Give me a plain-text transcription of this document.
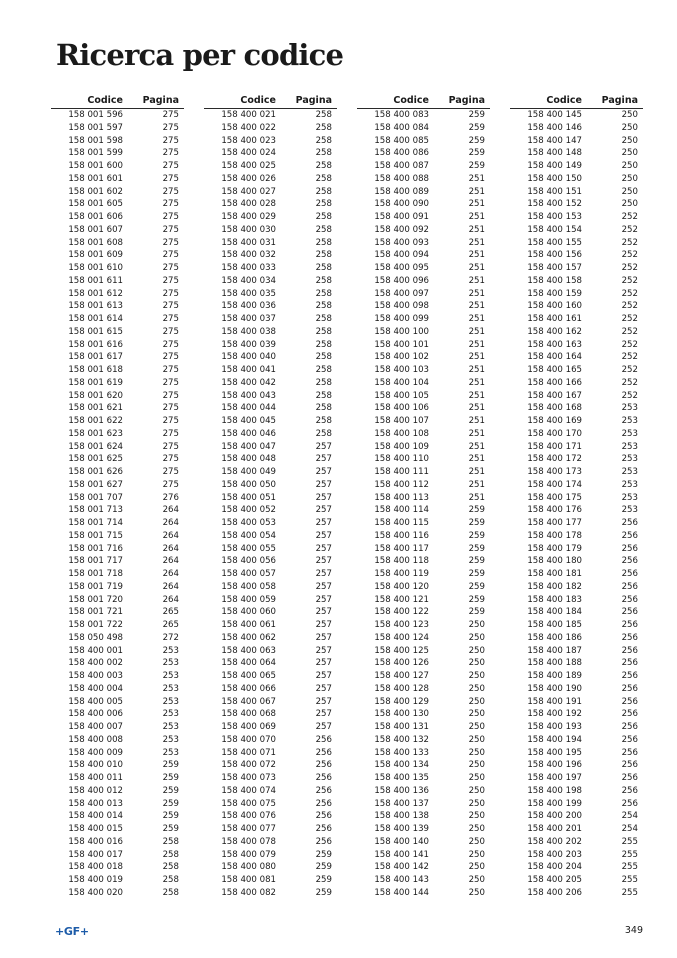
Ricerca per codice
Codice	Pagina
158 001 596	275
158 001 597	275
158 001 598	275
158 001 599	275
158 001 600	275
158 001 601	275
158 001 602	275
158 001 605	275
158 001 606	275
158 001 607	275
158 001 608	275
158 001 609	275
158 001 610	275
158 001 611	275
158 001 612	275
158 001 613	275
158 001 614	275
158 001 615	275
158 001 616	275
158 001 617	275
158 001 618	275
158 001 619	275
158 001 620	275
158 001 621	275
158 001 622	275
158 001 623	275
158 001 624	275
158 001 625	275
158 001 626	275
158 001 627	275
158 001 707	276
158 001 713	264
158 001 714	264
158 001 715	264
158 001 716	264
158 001 717	264
158 001 718	264
158 001 719	264
158 001 720	264
158 001 721	265
158 001 722	265
158 050 498	272
158 400 001	253
158 400 002	253
158 400 003	253
158 400 004	253
158 400 005	253
158 400 006	253
158 400 007	253
158 400 008	253
158 400 009	253
158 400 010	259
158 400 011	259
158 400 012	259
158 400 013	259
158 400 014	259
158 400 015	259
158 400 016	258
158 400 017	258
158 400 018	258
158 400 019	258
158 400 020	258
Codice	Pagina
158 400 021	258
158 400 022	258
158 400 023	258
158 400 024	258
158 400 025	258
158 400 026	258
158 400 027	258
158 400 028	258
158 400 029	258
158 400 030	258
158 400 031	258
158 400 032	258
158 400 033	258
158 400 034	258
158 400 035	258
158 400 036	258
158 400 037	258
158 400 038	258
158 400 039	258
158 400 040	258
158 400 041	258
158 400 042	258
158 400 043	258
158 400 044	258
158 400 045	258
158 400 046	258
158 400 047	257
158 400 048	257
158 400 049	257
158 400 050	257
158 400 051	257
158 400 052	257
158 400 053	257
158 400 054	257
158 400 055	257
158 400 056	257
158 400 057	257
158 400 058	257
158 400 059	257
158 400 060	257
158 400 061	257
158 400 062	257
158 400 063	257
158 400 064	257
158 400 065	257
158 400 066	257
158 400 067	257
158 400 068	257
158 400 069	257
158 400 070	256
158 400 071	256
158 400 072	256
158 400 073	256
158 400 074	256
158 400 075	256
158 400 076	256
158 400 077	256
158 400 078	256
158 400 079	259
158 400 080	259
158 400 081	259
158 400 082	259
Codice	Pagina
158 400 083	259
158 400 084	259
158 400 085	259
158 400 086	259
158 400 087	259
158 400 088	251
158 400 089	251
158 400 090	251
158 400 091	251
158 400 092	251
158 400 093	251
158 400 094	251
158 400 095	251
158 400 096	251
158 400 097	251
158 400 098	251
158 400 099	251
158 400 100	251
158 400 101	251
158 400 102	251
158 400 103	251
158 400 104	251
158 400 105	251
158 400 106	251
158 400 107	251
158 400 108	251
158 400 109	251
158 400 110	251
158 400 111	251
158 400 112	251
158 400 113	251
158 400 114	259
158 400 115	259
158 400 116	259
158 400 117	259
158 400 118	259
158 400 119	259
158 400 120	259
158 400 121	259
158 400 122	259
158 400 123	250
158 400 124	250
158 400 125	250
158 400 126	250
158 400 127	250
158 400 128	250
158 400 129	250
158 400 130	250
158 400 131	250
158 400 132	250
158 400 133	250
158 400 134	250
158 400 135	250
158 400 136	250
158 400 137	250
158 400 138	250
158 400 139	250
158 400 140	250
158 400 141	250
158 400 142	250
158 400 143	250
158 400 144	250
Codice	Pagina
158 400 145	250
158 400 146	250
158 400 147	250
158 400 148	250
158 400 149	250
158 400 150	250
158 400 151	250
158 400 152	250
158 400 153	252
158 400 154	252
158 400 155	252
158 400 156	252
158 400 157	252
158 400 158	252
158 400 159	252
158 400 160	252
158 400 161	252
158 400 162	252
158 400 163	252
158 400 164	252
158 400 165	252
158 400 166	252
158 400 167	252
158 400 168	253
158 400 169	253
158 400 170	253
158 400 171	253
158 400 172	253
158 400 173	253
158 400 174	253
158 400 175	253
158 400 176	253
158 400 177	256
158 400 178	256
158 400 179	256
158 400 180	256
158 400 181	256
158 400 182	256
158 400 183	256
158 400 184	256
158 400 185	256
158 400 186	256
158 400 187	256
158 400 188	256
158 400 189	256
158 400 190	256
158 400 191	256
158 400 192	256
158 400 193	256
158 400 194	256
158 400 195	256
158 400 196	256
158 400 197	256
158 400 198	256
158 400 199	256
158 400 200	254
158 400 201	254
158 400 202	255
158 400 203	255
158 400 204	255
158 400 205	255
158 400 206	255
+GF+	349
